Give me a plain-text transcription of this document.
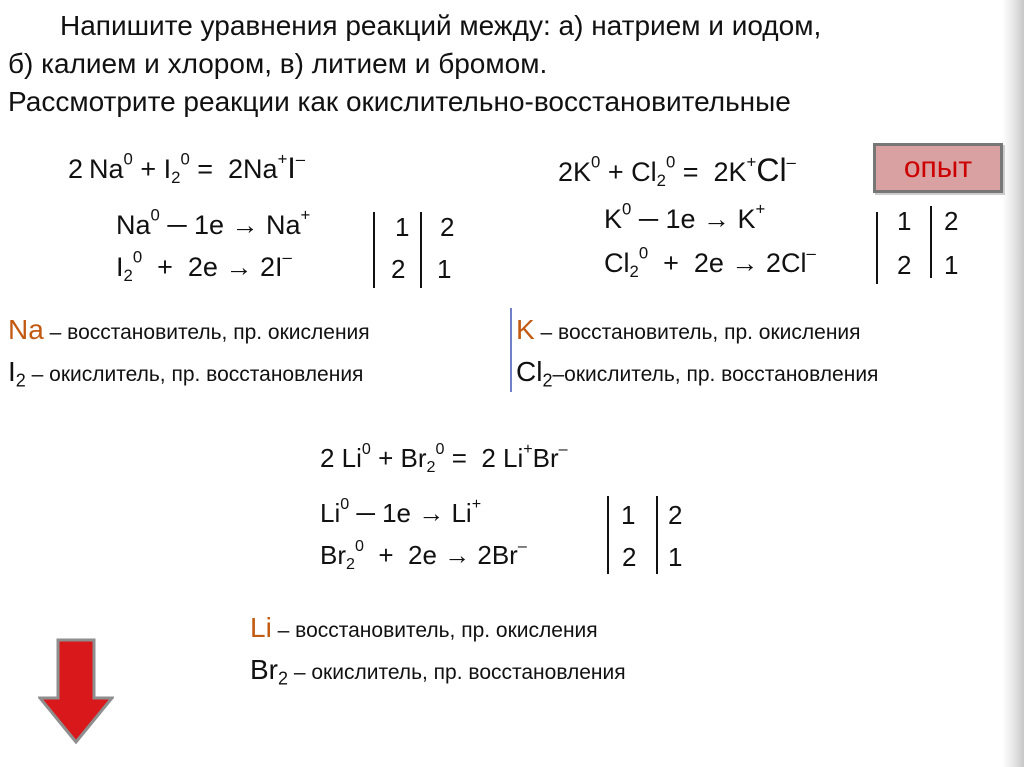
Напишите уравнения реакций между: а) натрием и иодом,
б) калием и хлором, в) литием и бромом.
Рассмотрите реакции как окислительно-восстановительные
2 $Na^0 + I_2^0 = 2Na^+I^-$
Na$^0$ ─ 1e → Na+
$I_2^0 + 2e \to 2I^-$
1 2
2 1
$2K^0 + Cl_2^0 = 2K^+Cl^-$	опыт
$K^0$ ─ 1e → K+
$Cl_2^0 + 2e \to 2Cl^-$
1 2
2 1
Na – восстановитель, пр. окисления
$I_2$ – окислитель, пр. восстановления
K – восстановитель, пр. окисления
$Cl_2$–окислитель, пр. восстановления
2 $Li^0 + Br_2^0 = 2$ Li+Br–
Li$^0$ ─ 1e → Li+
$Br_2^0 + 2e \to 2Br^-$
1 2
2 1
Li – восстановитель, пр. окисления
$Br_2$ – окислитель, пр. восстановления
